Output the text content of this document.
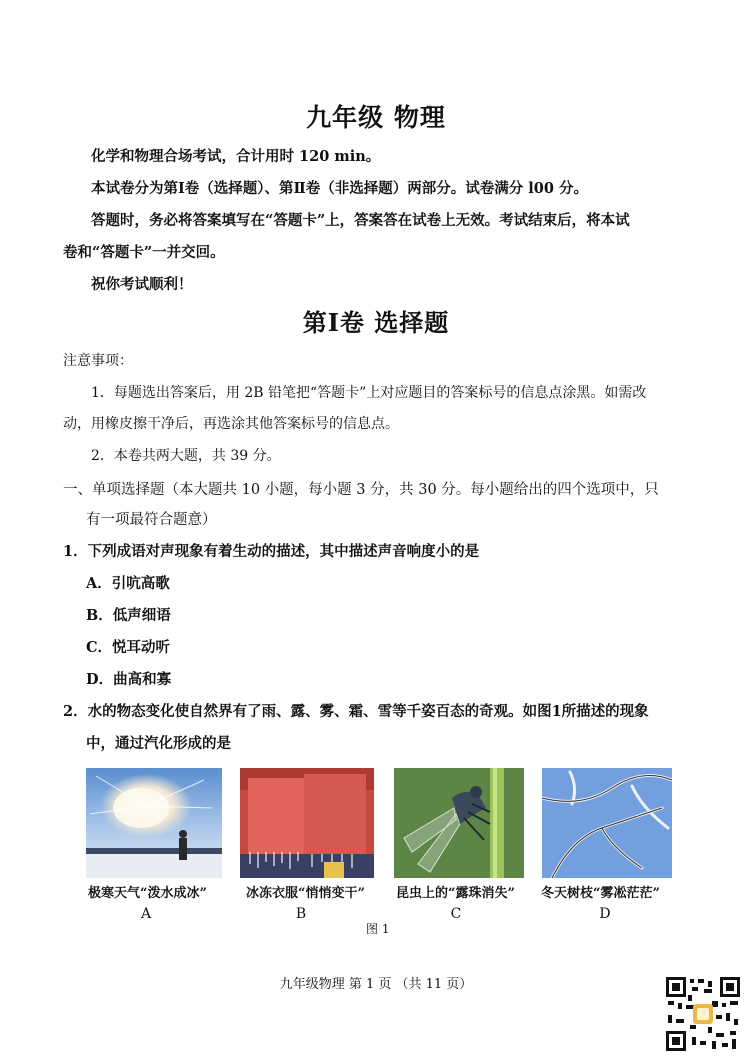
九年级 物理
化学和物理合场考试，合计用时 120 min。
本试卷分为第Ⅰ卷（选择题）、第Ⅱ卷（非选择题）两部分。试卷满分 l00 分。
答题时，务必将答案填写在“答题卡”上，答案答在试卷上无效。考试结束后，将本试
卷和“答题卡”一并交回。
祝你考试顺利！
第Ⅰ卷 选择题
注意事项：
1．每题选出答案后，用 2B 铅笔把“答题卡”上对应题目的答案标号的信息点涂黑。如需改
动，用橡皮擦干净后，再选涂其他答案标号的信息点。
2．本卷共两大题，共 39 分。
一、单项选择题（本大题共 10 小题，每小题 3 分，共 30 分。每小题给出的四个选项中，只
有一项最符合题意）
1．下列成语对声现象有着生动的描述，其中描述声音响度小的是
A．引吭高歌
B．低声细语
C．悦耳动听
D．曲高和寡
2．水的物态变化使自然界有了雨、露、雾、霜、雪等千姿百态的奇观。如图1所描述的现象
中，通过汽化形成的是
极寒天气“泼水成冰”	冰冻衣服“悄悄变干” 昆虫上的“露珠消失” 冬天树枝“雾凇茫茫”
A	B	C	D
图 1
九年级物理 第 1 页 （共 11 页）
